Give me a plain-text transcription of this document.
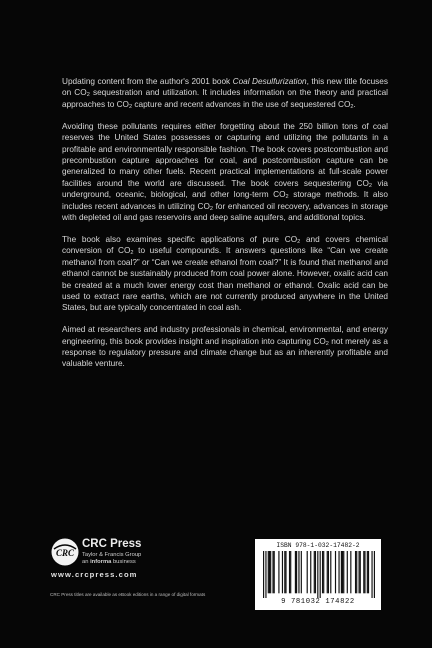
Updating content from the author's 2001 book Coal Desulfurization, this new title focuses on $CO_2$ sequestration and utilization. It includes information on the theory and practical approaches to $CO_2$ capture and recent advances in the use of sequestered $CO_2$.

Avoiding these pollutants requires either forgetting about the 250 billion tons of coal reserves the United States possesses or capturing and utilizing the pollutants in a profitable and environmentally responsible fashion. The book covers postcombustion and precombustion capture approaches for coal, and postcombustion capture can be generalized to many other fuels. Recent practical implementations at full-scale power facilities around the world are discussed. The book covers sequestering $CO_2$ via underground, oceanic, biological, and other long-term $CO_2$ storage methods. It also includes recent advances in utilizing $CO_2$ for enhanced oil recovery, advances in storage with depleted oil and gas reservoirs and deep saline aquifers, and additional topics.

The book also examines specific applications of pure $CO_2$ and covers chemical conversion of $CO_2$ to useful compounds. It answers questions like “Can we create methanol from coal?” or “Can we create ethanol from coal?” It is found that methanol and ethanol cannot be sustainably produced from coal power alone. However, oxalic acid can be created at a much lower energy cost than methanol or ethanol. Oxalic acid can be used to extract rare earths, which are not currently produced anywhere in the United States, but are typically concentrated in coal ash.

Aimed at researchers and industry professionals in chemical, environmental, and energy engineering, this book provides insight and inspiration into capturing $CO_2$ not merely as a response to regulatory pressure and climate change but as an inherently profitable and valuable venture.

CRC
CRC Press
Taylor & Francis Group
an informa business
www.crcpress.com
CRC Press titles are available as eBook editions in a range of digital formats
ISBN 978-1-032-17482-2
9 781032 174822
